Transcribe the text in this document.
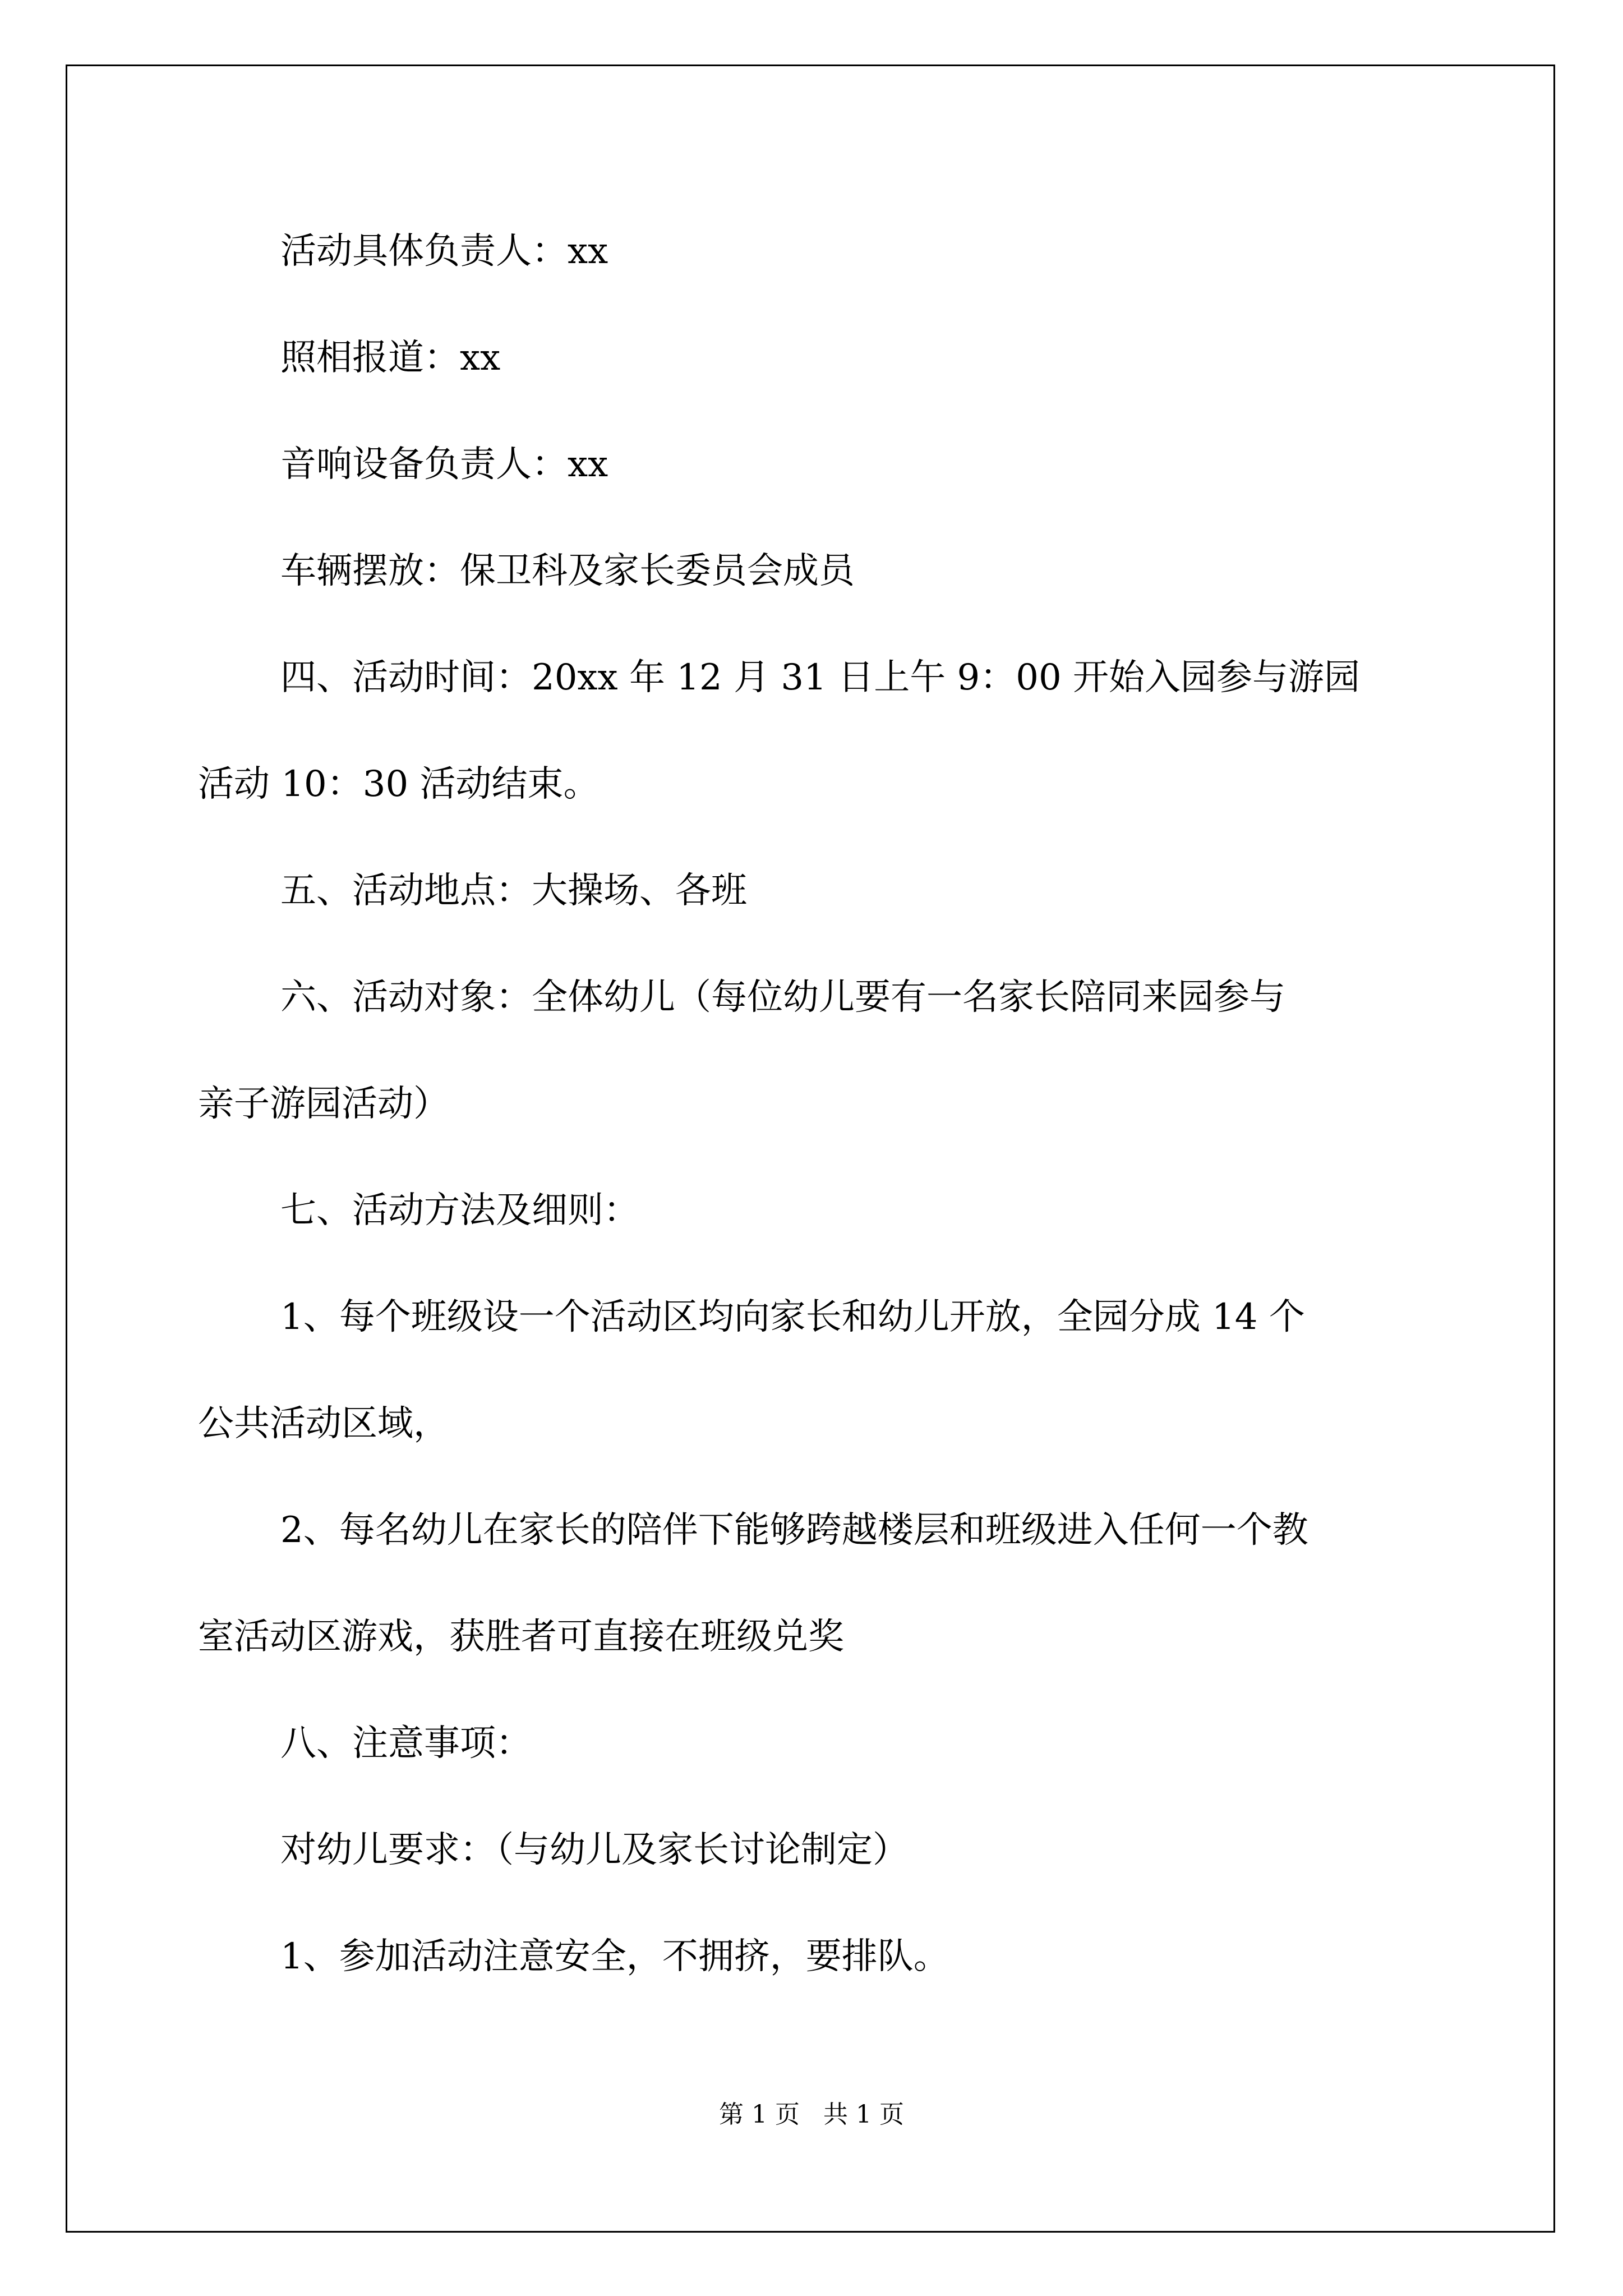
活动具体负责人：xx

照相报道：xx

音响设备负责人：xx

车辆摆放：保卫科及家长委员会成员

四、活动时间：20xx 年 12 月 31 日上午 9：00 开始入园参与游园

活动 10：30 活动结束。

五、活动地点：大操场、各班

六、活动对象：全体幼儿（每位幼儿要有一名家长陪同来园参与

亲子游园活动）

七、活动方法及细则：

1、每个班级设一个活动区均向家长和幼儿开放，全园分成 14 个

公共活动区域，

2、每名幼儿在家长的陪伴下能够跨越楼层和班级进入任何一个教

室活动区游戏，获胜者可直接在班级兑奖

八、注意事项：

对幼儿要求：（与幼儿及家长讨论制定）

1、参加活动注意安全，不拥挤，要排队。

第 1 页   共 1 页
